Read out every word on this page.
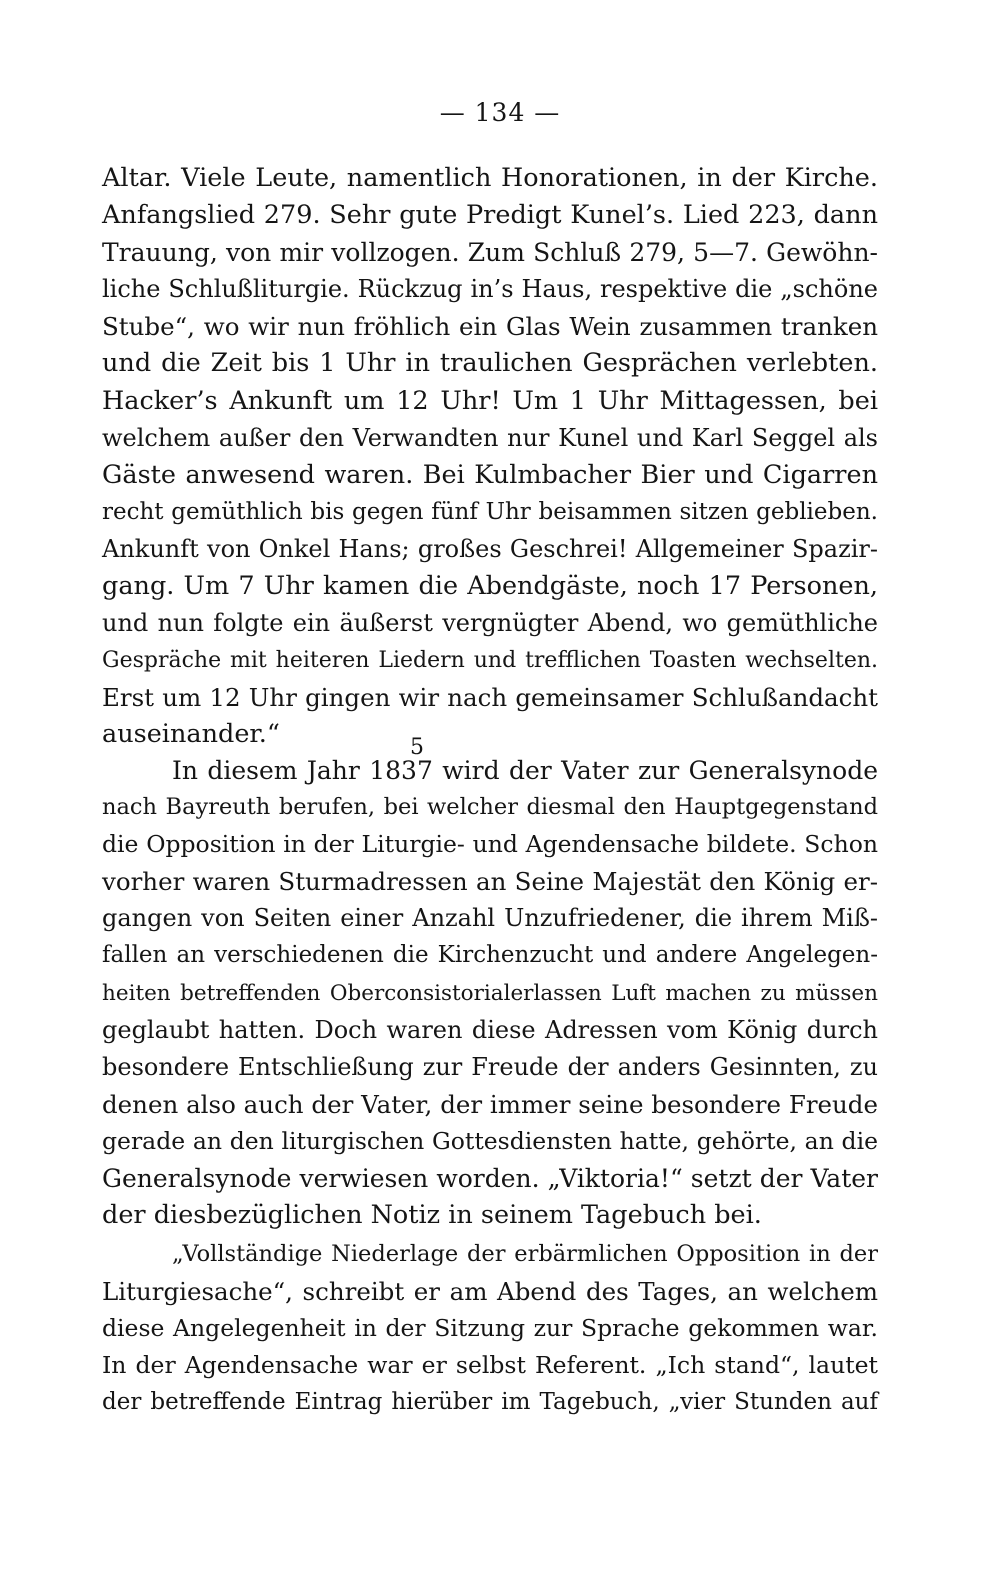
— 134 —
5
Altar. Viele Leute, namentlich Honorationen, in der Kirche.
Anfangslied 279. Sehr gute Predigt Kunel’s. Lied 223, dann
Trauung, von mir vollzogen. Zum Schluß 279, 5—7. Gewöhn-
liche Schlußliturgie. Rückzug in’s Haus, respektive die „schöne
Stube“, wo wir nun fröhlich ein Glas Wein zusammen tranken
und die Zeit bis 1 Uhr in traulichen Gesprächen verlebten.
Hacker’s Ankunft um 12 Uhr! Um 1 Uhr Mittagessen, bei
welchem außer den Verwandten nur Kunel und Karl Seggel als
Gäste anwesend waren. Bei Kulmbacher Bier und Cigarren
recht gemüthlich bis gegen fünf Uhr beisammen sitzen geblieben.
Ankunft von Onkel Hans; großes Geschrei! Allgemeiner Spazir-
gang. Um 7 Uhr kamen die Abendgäste, noch 17 Personen,
und nun folgte ein äußerst vergnügter Abend, wo gemüthliche
Gespräche mit heiteren Liedern und trefflichen Toasten wechselten.
Erst um 12 Uhr gingen wir nach gemeinsamer Schlußandacht
auseinander.“
In diesem Jahr 1837 wird der Vater zur Generalsynode
nach Bayreuth berufen, bei welcher diesmal den Hauptgegenstand
die Opposition in der Liturgie- und Agendensache bildete. Schon
vorher waren Sturmadressen an Seine Majestät den König er-
gangen von Seiten einer Anzahl Unzufriedener, die ihrem Miß-
fallen an verschiedenen die Kirchenzucht und andere Angelegen-
heiten betreffenden Oberconsistorialerlassen Luft machen zu müssen
geglaubt hatten. Doch waren diese Adressen vom König durch
besondere Entschließung zur Freude der anders Gesinnten, zu
denen also auch der Vater, der immer seine besondere Freude
gerade an den liturgischen Gottesdiensten hatte, gehörte, an die
Generalsynode verwiesen worden. „Viktoria!“ setzt der Vater
der diesbezüglichen Notiz in seinem Tagebuch bei.
„Vollständige Niederlage der erbärmlichen Opposition in der
Liturgiesache“, schreibt er am Abend des Tages, an welchem
diese Angelegenheit in der Sitzung zur Sprache gekommen war.
In der Agendensache war er selbst Referent. „Ich stand“, lautet
der betreffende Eintrag hierüber im Tagebuch, „vier Stunden auf
